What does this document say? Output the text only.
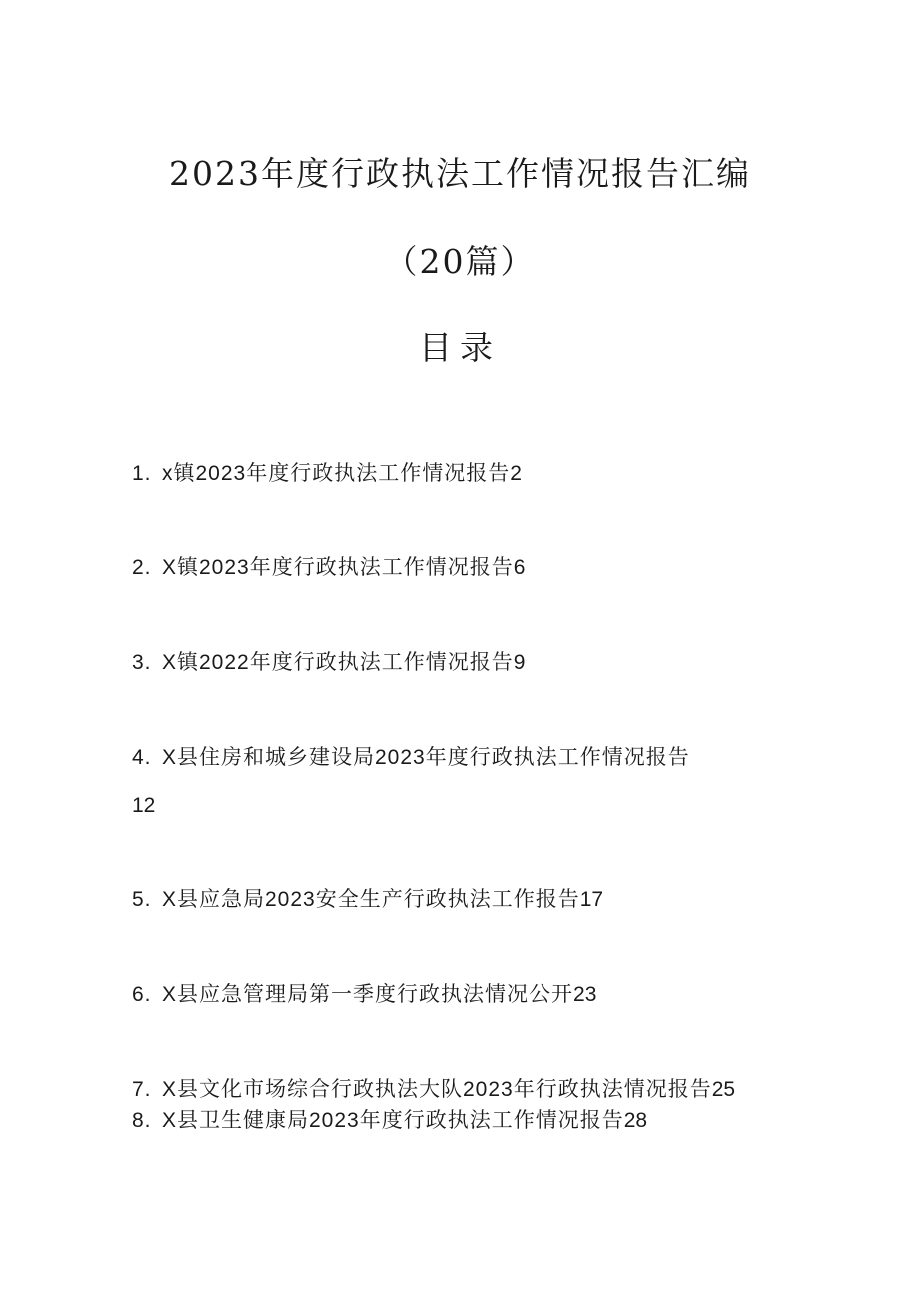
2023年度行政执法工作情况报告汇编
（20篇）
目录
1. x镇2023年度行政执法工作情况报告2
2. X镇2023年度行政执法工作情况报告6
3. X镇2022年度行政执法工作情况报告9
4. X县住房和城乡建设局2023年度行政执法工作情况报告
12
5. X县应急局2023安全生产行政执法工作报告17
6. X县应急管理局第一季度行政执法情况公开23
7. X县文化市场综合行政执法大队2023年行政执法情况报告25
8. X县卫生健康局2023年度行政执法工作情况报告28
